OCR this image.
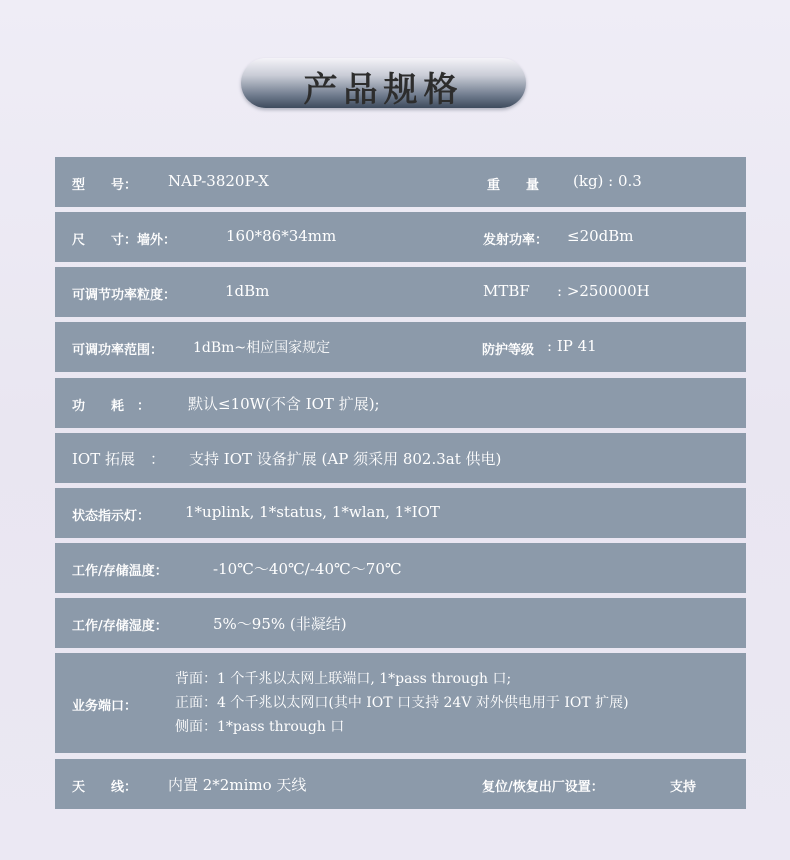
产品规格
型　　号： NAP-3820P-X	重　　量 (kg) : 0.3
尺　　寸：墙外：	160*86*34mm	发射功率： ≤20dBm
可调节功率粒度：	1dBm	MTBF : >250000H
可调功率范围： 1dBm~相应国家规定	防护等级 : IP 41
功　　耗　：	默认≤10W(不含 IOT 扩展);
IOT 拓展　： 支持 IOT 设备扩展 (AP 须采用 802.3at 供电)
状态指示灯： 1*uplink, 1*status, 1*wlan, 1*IOT
工作/存储温度：	-10℃～40℃/-40℃～70℃
工作/存储湿度：	5%～95% (非凝结)
业务端口：
背面：1 个千兆以太网上联端口, 1*pass through 口;
正面：4 个千兆以太网口(其中 IOT 口支持 24V 对外供电用于 IOT 扩展)
侧面：1*pass through 口
天　　线： 内置 2*2mimo 天线	复位/恢复出厂设置：	支持
